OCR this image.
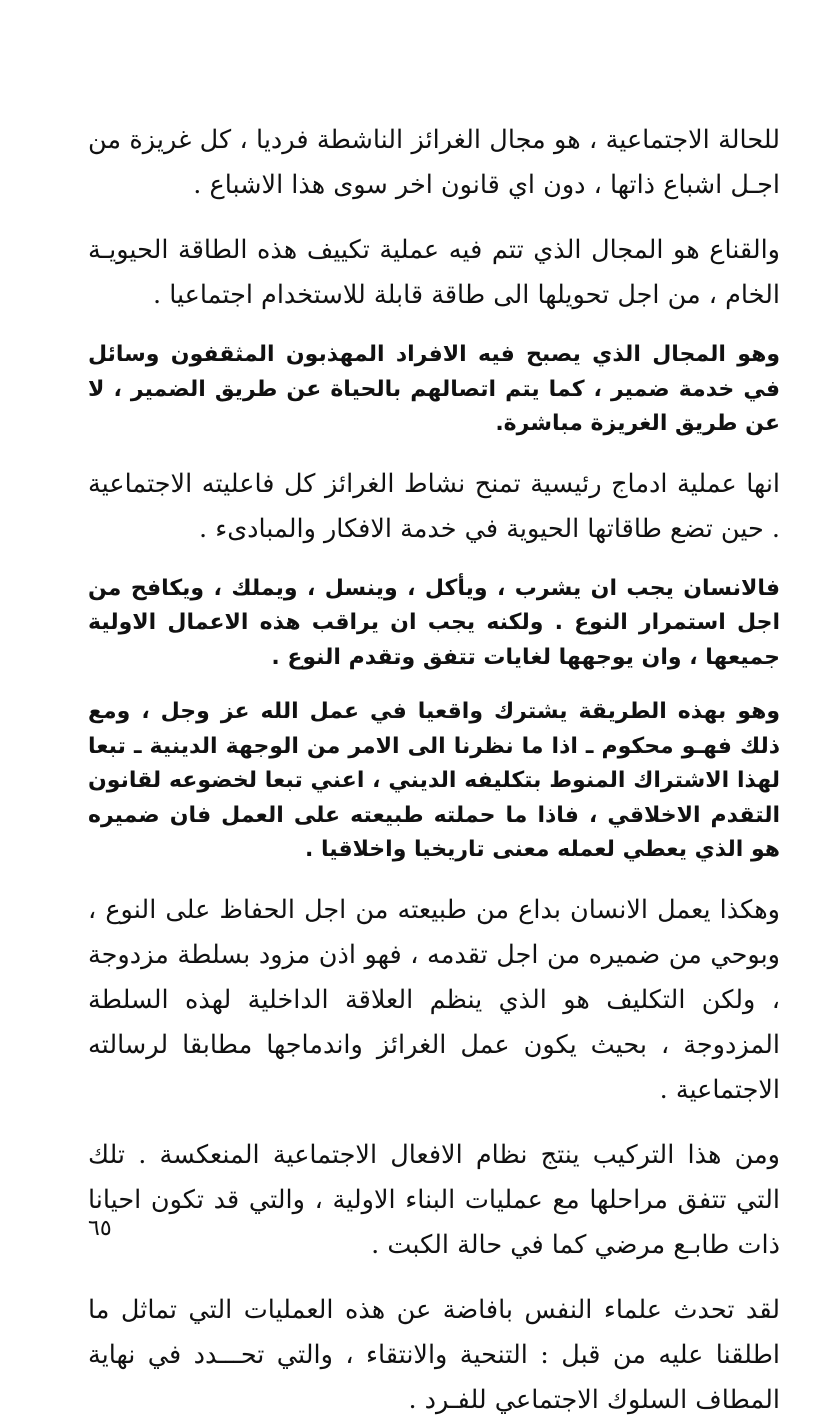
للحالة الاجتماعية ، هو مجال الغرائز الناشطة فرديا ، كل غريزة من اجـل اشباع ذاتها ، دون اي قانون اخر سوى هذا الاشباع .

والقناع هو المجال الذي تتم فيه عملية تكييف هذه الطاقة الحيويـة الخام ، من اجل تحويلها الى طاقة قابلة للاستخدام اجتماعيا .

وهو المجال الذي يصبح فيه الافراد المهذبون المثقفون وسائل في خدمة ضمير ، كما يتم اتصالهم بالحياة عن طريق الضمير ، لا عن طريق الغريزة مباشرة.

انها عملية ادماج رئيسية تمنح نشاط الغرائز كل فاعليته الاجتماعية . حين تضع طاقاتها الحيوية في خدمة الافكار والمبادىء .

فالانسان يجب ان يشرب ، ويأكل ، وينسل ، ويملك ، ويكافح من اجل استمرار النوع . ولكنه يجب ان يراقب هذه الاعمال الاولية جميعها ، وان يوجهها لغايات تتفق وتقدم النوع .

وهو بهذه الطريقة يشترك واقعيا في عمل الله عز وجل ، ومع ذلك فهـو محكوم ـ اذا ما نظرنا الى الامر من الوجهة الدينية ـ تبعا لهذا الاشتراك المنوط بتكليفه الديني ، اعني تبعا لخضوعه لقانون التقدم الاخلاقي ، فاذا ما حملته طبيعته على العمل فان ضميره هو الذي يعطي لعمله معنى تاريخيا واخلاقيا .

وهكذا يعمل الانسان بداع من طبيعته من اجل الحفاظ على النوع ، وبوحي من ضميره من اجل تقدمه ، فهو اذن مزود بسلطة مزدوجة ، ولكن التكليف هو الذي ينظم العلاقة الداخلية لهذه السلطة المزدوجة ، بحيث يكون عمل الغرائز واندماجها مطابقا لرسالته الاجتماعية .

ومن هذا التركيب ينتج نظام الافعال الاجتماعية المنعكسة . تلك التي تتفق مراحلها مع عمليات البناء الاولية ، والتي قد تكون احيانا ذات طابـع مرضي كما في حالة الكبت .

لقد تحدث علماء النفس بافاضة عن هذه العمليات التي تماثل ما اطلقنا عليه من قبل : التنحية والانتقاء ، والتي تحـــدد في نهاية المطاف السلوك الاجتماعي للفـرد .

٦٥
